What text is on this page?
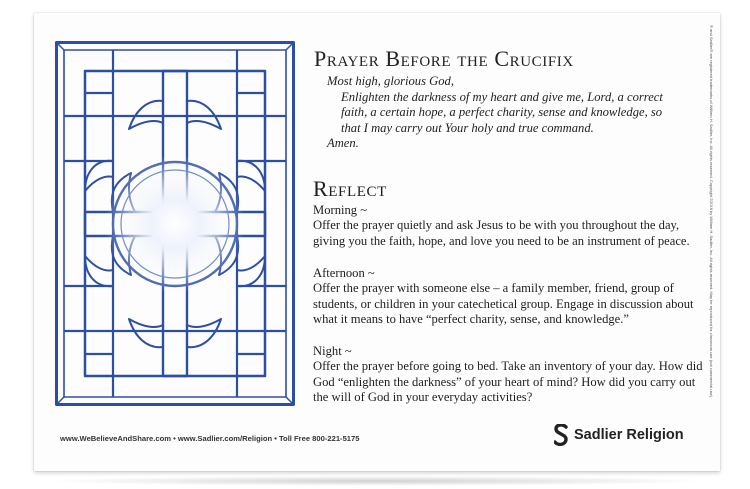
Prayer Before the Crucifix
Most high, glorious God,
Enlighten the darkness of my heart and give me, Lord, a correct
faith, a certain hope, a perfect charity, sense and knowledge, so
that I may carry out Your holy and true command.
Amen.
Reflect
Morning ~
Offer the prayer quietly and ask Jesus to be with you throughout the day, giving you the faith, hope, and love you need to be an instrument of peace.
Afternoon ~
Offer the prayer with someone else – a family member, friend, group of students, or children in your catechetical group. Engage in discussion about what it means to have “perfect charity, sense, and knowledge.”
Night ~
Offer the prayer before going to bed. Take an inventory of your day. How did God “enlighten the darkness” of your heart of mind? How did you carry out the will of God in your everyday activities?
www.WeBelieveAndShare.com • www.Sadlier.com/Religion • Toll Free 800-221-5175	Sadlier Religion
® and Sadlier® are registered trademarks of William H. Sadlier, Inc. All rights reserved. Copyright ©2016 by William H. Sadlier, Inc. All rights reserved. May be reproduced for classroom use (not commercial use).
